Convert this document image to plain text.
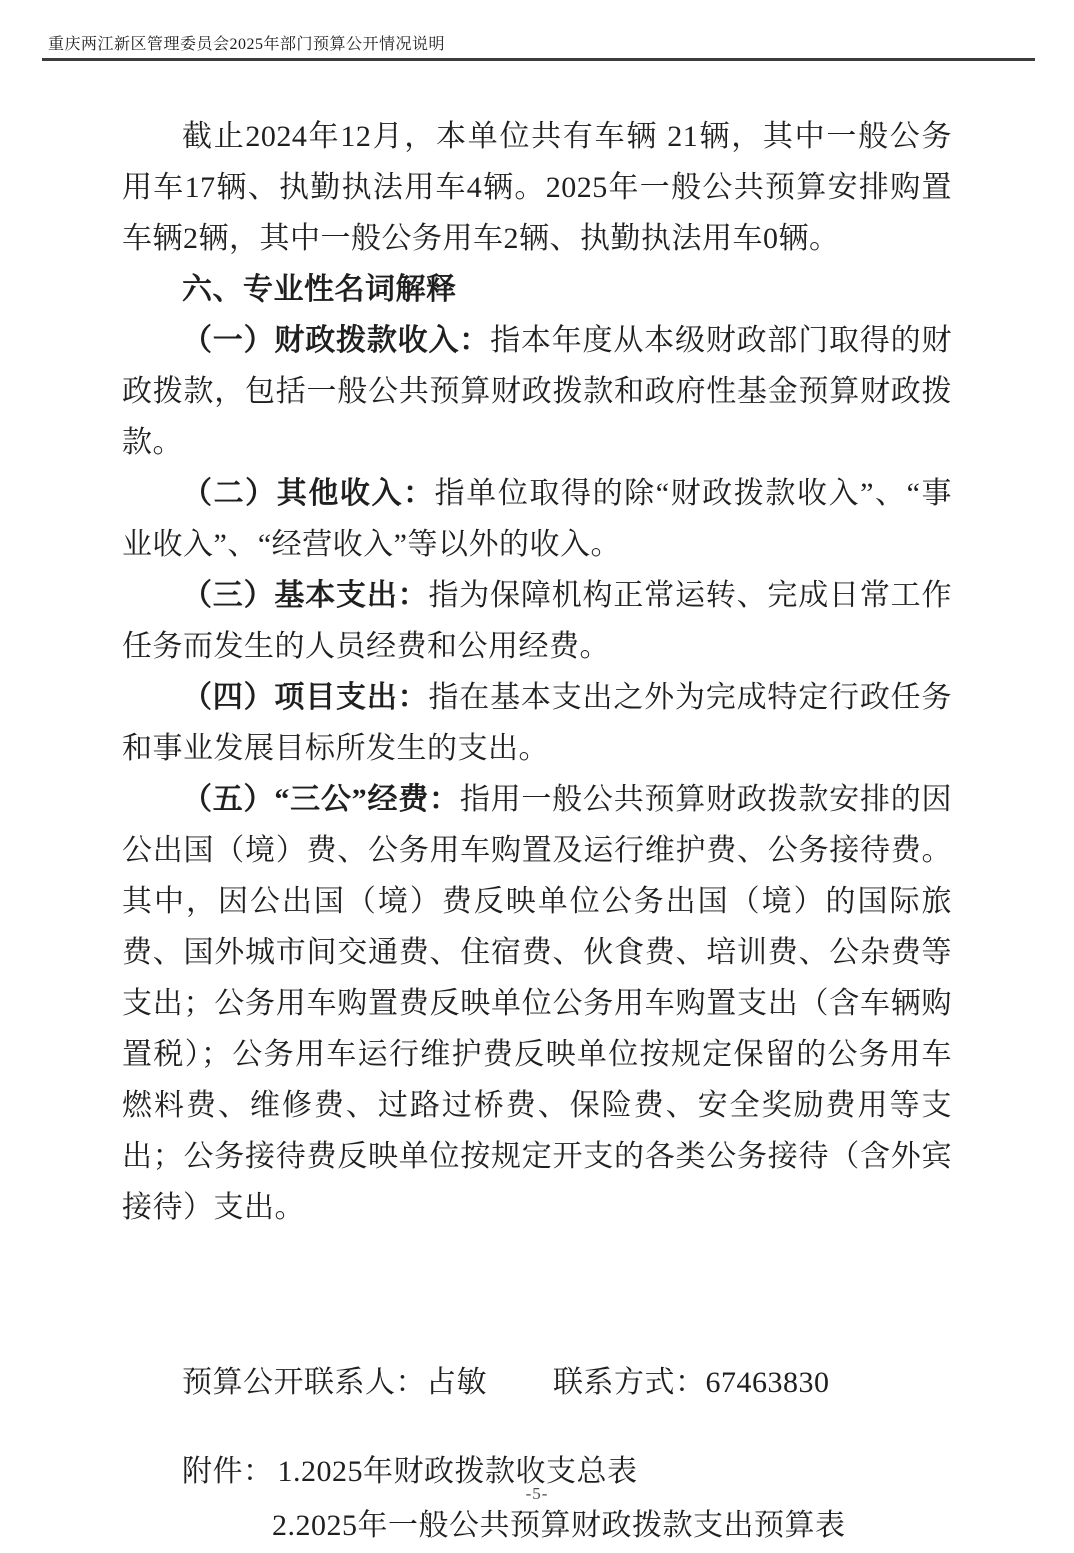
重庆两江新区管理委员会2025年部门预算公开情况说明

截止2024年12月，本单位共有车辆 21辆，其中一般公务用车17辆、执勤执法用车4辆。2025年一般公共预算安排购置车辆2辆，其中一般公务用车2辆、执勤执法用车0辆。

六、专业性名词解释

（一）财政拨款收入：指本年度从本级财政部门取得的财政拨款，包括一般公共预算财政拨款和政府性基金预算财政拨款。

（二）其他收入：指单位取得的除“财政拨款收入”、“事业收入”、“经营收入”等以外的收入。

（三）基本支出：指为保障机构正常运转、完成日常工作任务而发生的人员经费和公用经费。

（四）项目支出：指在基本支出之外为完成特定行政任务和事业发展目标所发生的支出。

（五）“三公”经费：指用一般公共预算财政拨款安排的因公出国（境）费、公务用车购置及运行维护费、公务接待费。其中，因公出国（境）费反映单位公务出国（境）的国际旅费、国外城市间交通费、住宿费、伙食费、培训费、公杂费等支出；公务用车购置费反映单位公务用车购置支出（含车辆购置税）；公务用车运行维护费反映单位按规定保留的公务用车燃料费、维修费、过路过桥费、保险费、安全奖励费用等支出；公务接待费反映单位按规定开支的各类公务接待（含外宾接待）支出。

预算公开联系人：占敏 联系方式：67463830
附件： 1.2025年财政拨款收支总表
2.2025年一般公共预算财政拨款支出预算表
-5-
